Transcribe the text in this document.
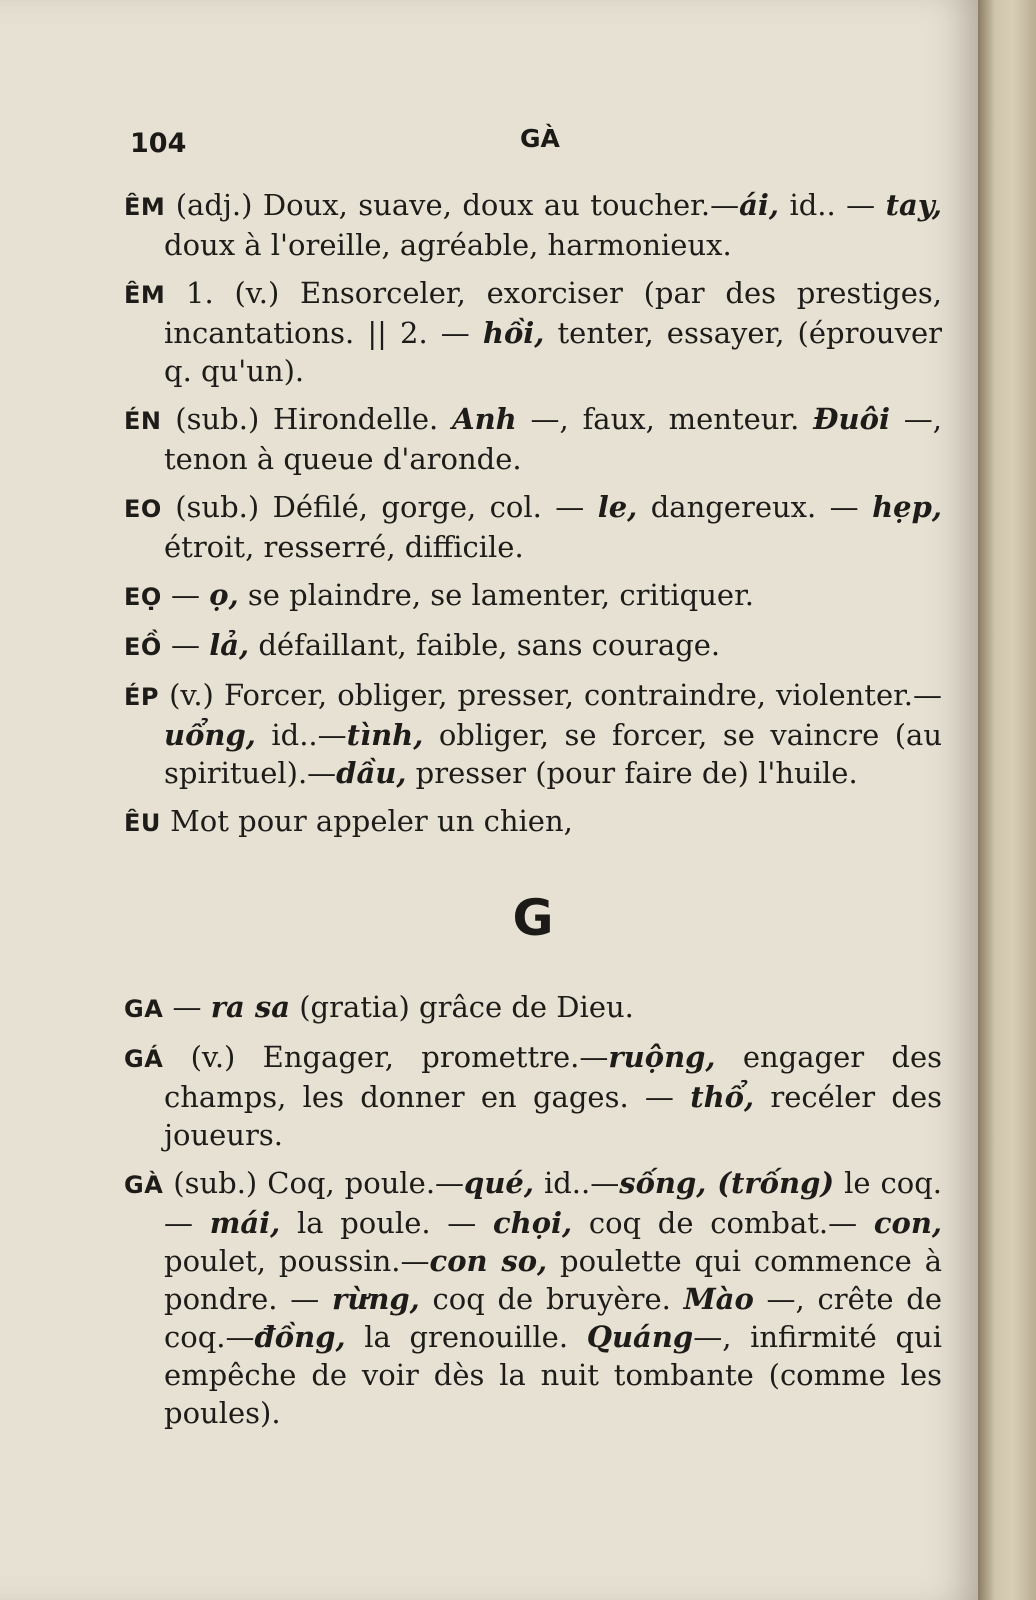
104	GÀ
ÊM (adj.) Doux, suave, doux au toucher.—ái, id.. — tay, doux à l'oreille, agréable, harmonieux.
ÊM 1. (v.) Ensorceler, exorciser (par des prestiges, incantations. || 2. — hồi, tenter, essayer, (éprouver q. qu'un).
ÉN (sub.) Hirondelle. Anh —, faux, menteur. Đuôi —, tenon à queue d'aronde.
EO (sub.) Défilé, gorge, col. — le, dangereux. — hẹp, étroit, resserré, difficile.
EỌ — ọ, se plaindre, se lamenter, critiquer.
EỒ — lả, défaillant, faible, sans courage.
ÉP (v.) Forcer, obliger, presser, contraindre, violenter.—uổng, id..—tình, obliger, se forcer, se vaincre (au spirituel).—dầu, presser (pour faire de) l'huile.
ÊU Mot pour appeler un chien,
G
GA — ra sa (gratia) grâce de Dieu.
GÁ (v.) Engager, promettre.—ruộng, engager des champs, les donner en gages. — thổ, recéler des joueurs.
GÀ (sub.) Coq, poule.—qué, id..—sống, (trống) le coq. — mái, la poule. — chọi, coq de combat.— con, poulet, poussin.—con so, poulette qui commence à pondre. — rừng, coq de bruyère. Mào —, crête de coq.—đồng, la grenouille. Quáng—, infirmité qui empêche de voir dès la nuit tombante (comme les poules).
